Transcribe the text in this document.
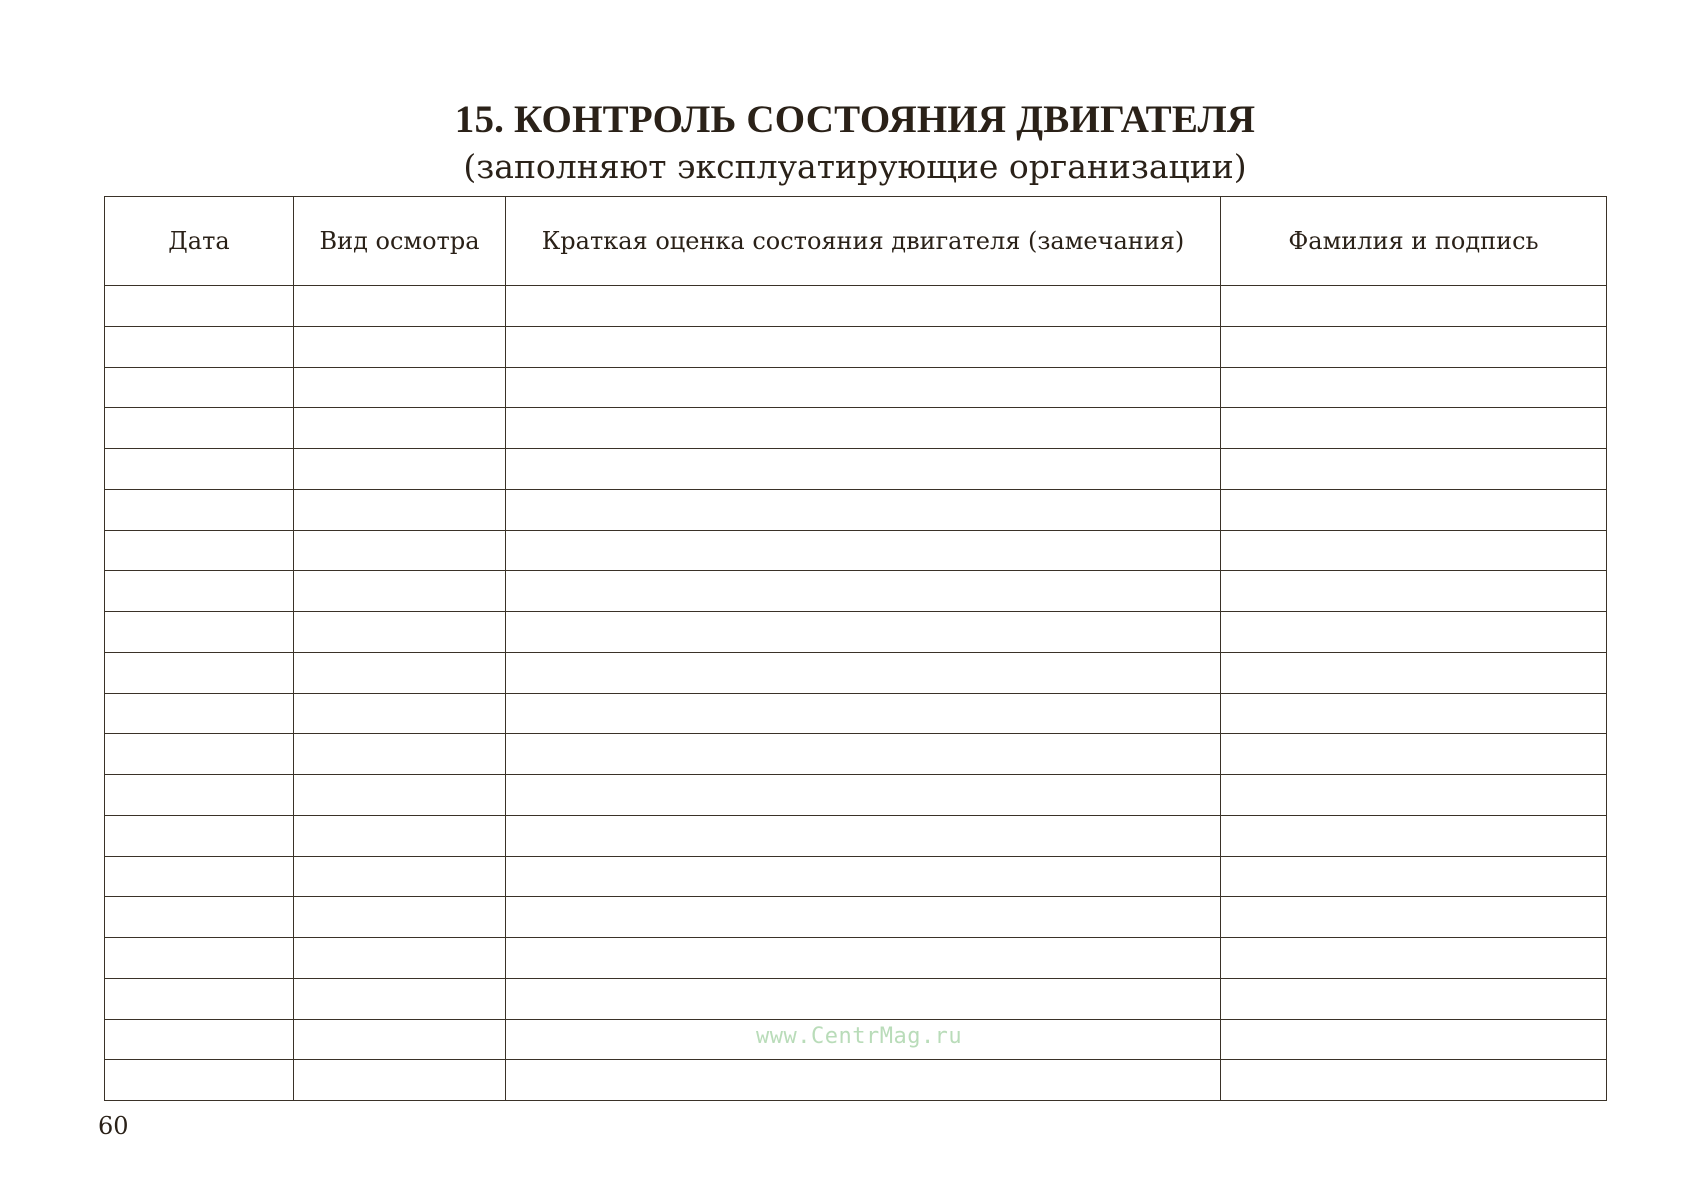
15. КОНТРОЛЬ СОСТОЯНИЯ ДВИГАТЕЛЯ
(заполняют эксплуатирующие организации)
Дата	Вид осмотра	Краткая оценка состояния двигателя (замечания)	Фамилия и подпись

www.CentrMag.ru
60
